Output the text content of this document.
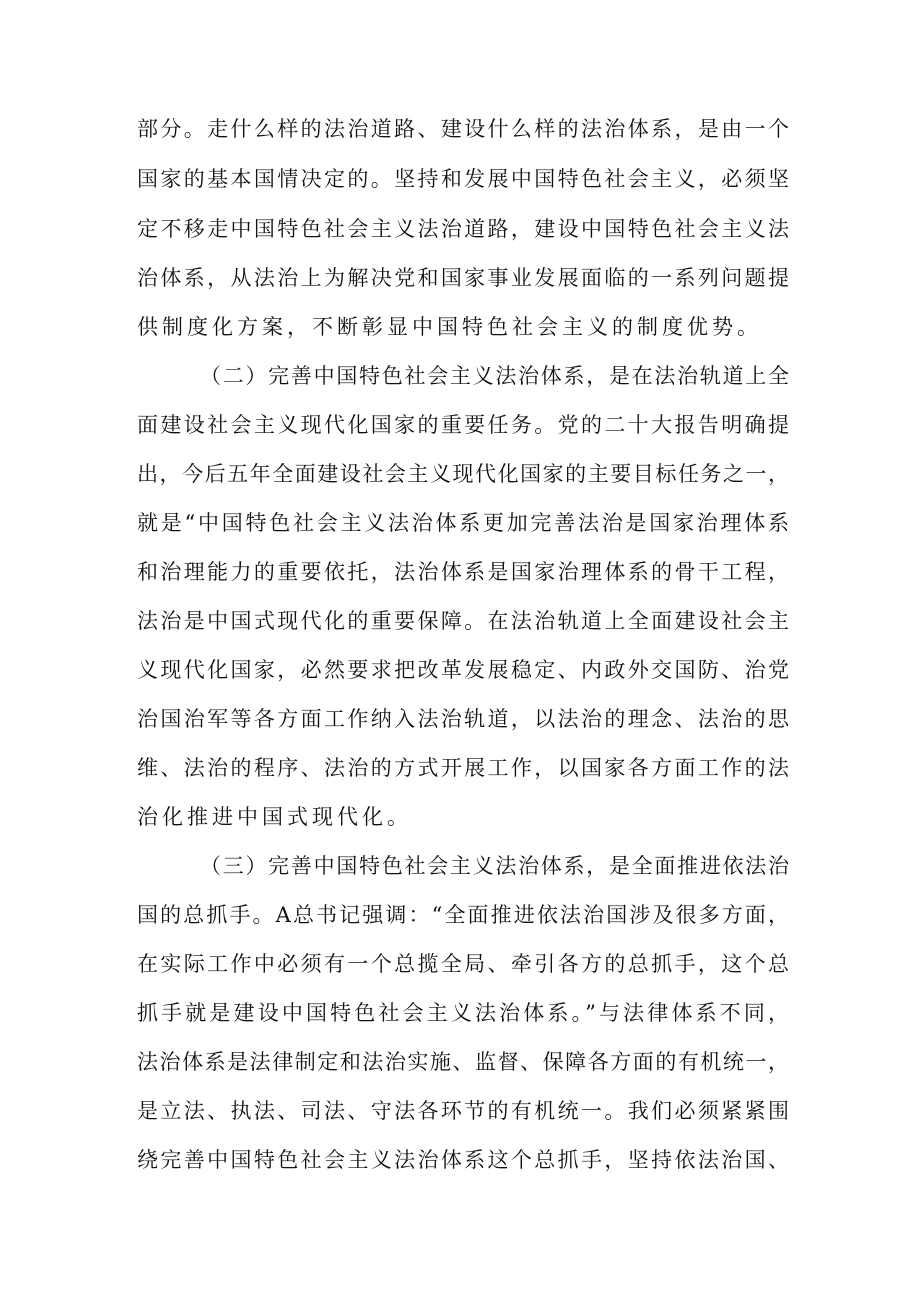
部分。走什么样的法治道路、建设什么样的法治体系，是由一个
国家的基本国情决定的。坚持和发展中国特色社会主义，必须坚
定不移走中国特色社会主义法治道路，建设中国特色社会主义法
治体系，从法治上为解决党和国家事业发展面临的一系列问题提
供制度化方案，不断彰显中国特色社会主义的制度优势。
（二）完善中国特色社会主义法治体系，是在法治轨道上全
面建设社会主义现代化国家的重要任务。党的二十大报告明确提
出，今后五年全面建设社会主义现代化国家的主要目标任务之一，
就是“中国特色社会主义法治体系更加完善法治是国家治理体系
和治理能力的重要依托，法治体系是国家治理体系的骨干工程，
法治是中国式现代化的重要保障。在法治轨道上全面建设社会主
义现代化国家，必然要求把改革发展稳定、内政外交国防、治党
治国治军等各方面工作纳入法治轨道，以法治的理念、法治的思
维、法治的程序、法治的方式开展工作，以国家各方面工作的法
治化推进中国式现代化。
（三）完善中国特色社会主义法治体系，是全面推进依法治
国的总抓手。A总书记强调：“全面推进依法治国涉及很多方面，
在实际工作中必须有一个总揽全局、牵引各方的总抓手，这个总
抓手就是建设中国特色社会主义法治体系。”与法律体系不同，
法治体系是法律制定和法治实施、监督、保障各方面的有机统一，
是立法、执法、司法、守法各环节的有机统一。我们必须紧紧围
绕完善中国特色社会主义法治体系这个总抓手，坚持依法治国、
